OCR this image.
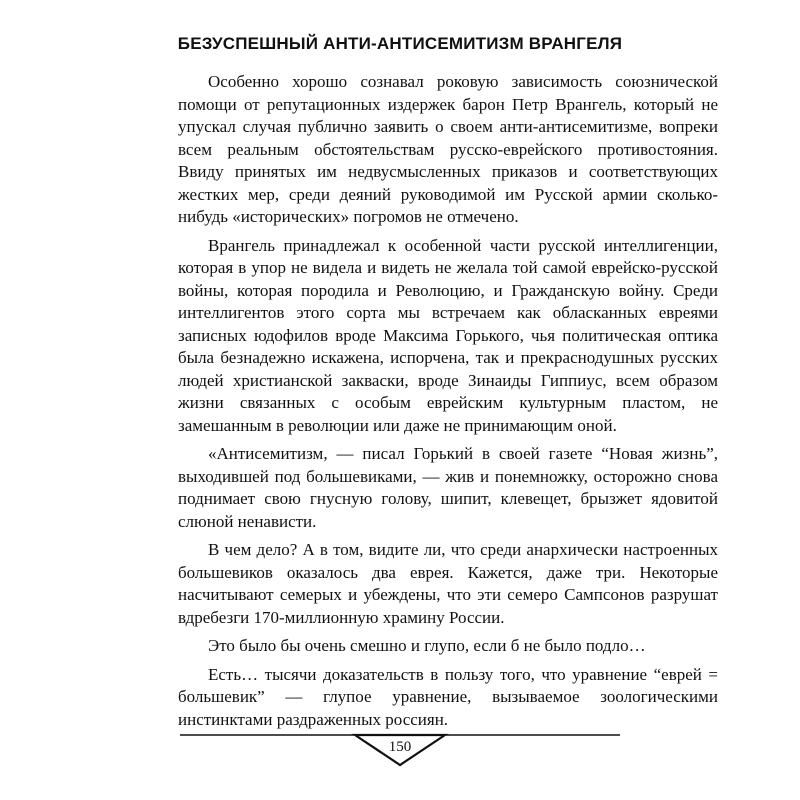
БЕЗУСПЕШНЫЙ АНТИ-АНТИСЕМИТИЗМ ВРАНГЕЛЯ

Особенно хорошо сознавал роковую зависимость союзнической помощи от репутационных издержек барон Петр Врангель, который не упускал случая публично заявить о своем анти-антисемитизме, вопреки всем реальным обстоятельствам русско-еврейского противостояния. Ввиду принятых им недвусмысленных приказов и соответствующих жестких мер, среди деяний руководимой им Русской армии сколько-нибудь «исторических» погромов не отмечено.

Врангель принадлежал к особенной части русской интеллигенции, которая в упор не видела и видеть не желала той самой еврейско-русской войны, которая породила и Революцию, и Гражданскую войну. Среди интеллигентов этого сорта мы встречаем как обласканных евреями записных юдофилов вроде Максима Горького, чья политическая оптика была безнадежно искажена, испорчена, так и прекраснодушных русских людей христианской закваски, вроде Зинаиды Гиппиус, всем образом жизни связанных с особым еврейским культурным пластом, не замешанным в революции или даже не принимающим оной.

«Антисемитизм, — писал Горький в своей газете “Новая жизнь”, выходившей под большевиками, — жив и понемножку, осторожно снова поднимает свою гнусную голову, шипит, клевещет, брызжет ядовитой слюной ненависти.

В чем дело? А в том, видите ли, что среди анархически настроенных большевиков оказалось два еврея. Кажется, даже три. Некоторые насчитывают семерых и убеждены, что эти семеро Сампсонов разрушат вдребезги 170-миллионную храмину России.

Это было бы очень смешно и глупо, если б не было подло…

Есть… тысячи доказательств в пользу того, что уравнение “еврей = большевик” — глупое уравнение, вызываемое зоологическими инстинктами раздраженных россиян.

150
